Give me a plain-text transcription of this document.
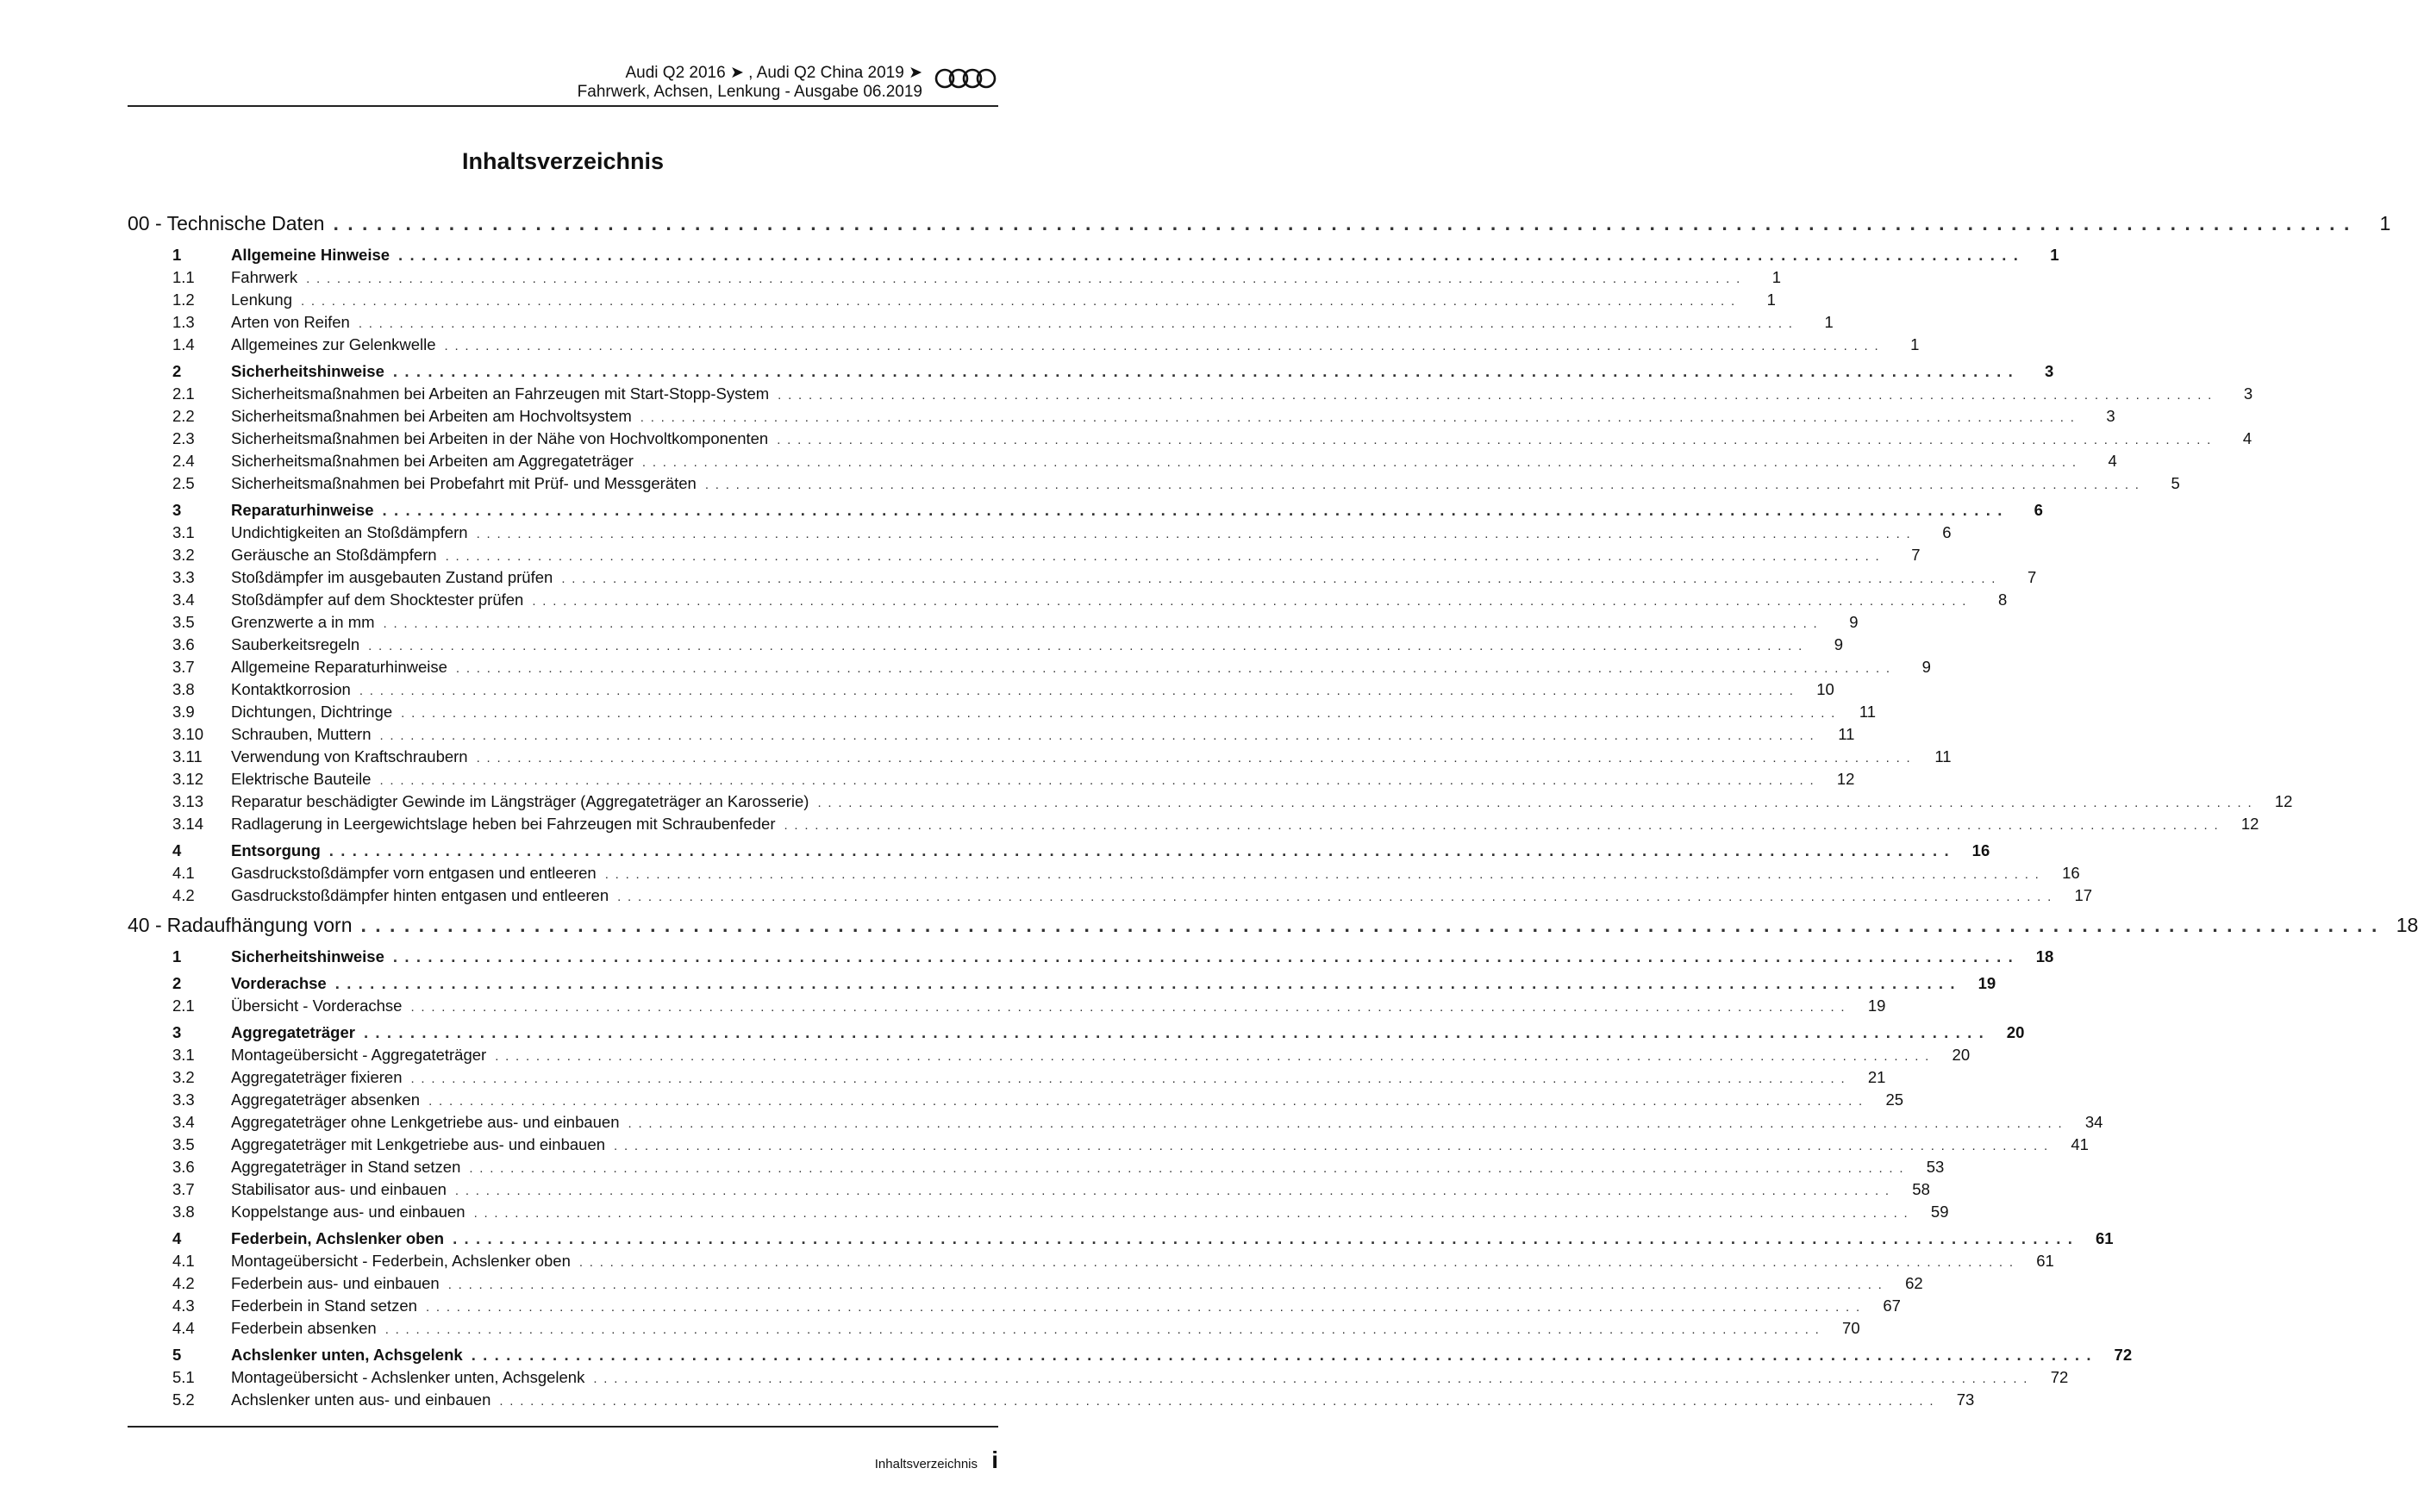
Audi Q2 2016 ➤ , Audi Q2 China 2019 ➤
Fahrwerk, Achsen, Lenkung - Ausgabe 06.2019
Inhaltsverzeichnis
00 - Technische Daten . . . . . . . . . . . . . . . . . . . . . . . . . . . . . . . . . . . . . . . . . . . . . . . . . . . . . . . . . . . . . . . . . . . . . . . . . . . . . . . . . . . . . . . . . . . . . . . . . . . . . . . . . . . . . . . . . . . . . . . . . . . . . . . . . . . . . . . . . . . .	1
1	Allgemeine Hinweise . . . . . . . . . . . . . . . . . . . . . . . . . . . . . . . . . . . . . . . . . . . . . . . . . . . . . . . . . . . . . . . . . . . . . . . . . . . . . . . . . . . . . . . . . . . . . . . . . . . . . . . . . . . . . . . . . . . . . . . . . . . . . . . . . . . . . . . . . . . .	1
1.1	Fahrwerk . . . . . . . . . . . . . . . . . . . . . . . . . . . . . . . . . . . . . . . . . . . . . . . . . . . . . . . . . . . . . . . . . . . . . . . . . . . . . . . . . . . . . . . . . . . . . . . . . . . . . . . . . . . . . . . . . . . . . . . . . . . . . . . . . . . . . . . . . . . .	1
1.2	Lenkung . . . . . . . . . . . . . . . . . . . . . . . . . . . . . . . . . . . . . . . . . . . . . . . . . . . . . . . . . . . . . . . . . . . . . . . . . . . . . . . . . . . . . . . . . . . . . . . . . . . . . . . . . . . . . . . . . . . . . . . . . . . . . . . . . . . . . . . . . . . .	1
1.3	Arten von Reifen . . . . . . . . . . . . . . . . . . . . . . . . . . . . . . . . . . . . . . . . . . . . . . . . . . . . . . . . . . . . . . . . . . . . . . . . . . . . . . . . . . . . . . . . . . . . . . . . . . . . . . . . . . . . . . . . . . . . . . . . . . . . . . . . . . . . . . . . . . . .	1
1.4	Allgemeines zur Gelenkwelle . . . . . . . . . . . . . . . . . . . . . . . . . . . . . . . . . . . . . . . . . . . . . . . . . . . . . . . . . . . . . . . . . . . . . . . . . . . . . . . . . . . . . . . . . . . . . . . . . . . . . . . . . . . . . . . . . . . . . . . . . . . . . . . . . . . . . . . . . . . .	1
2	Sicherheitshinweise . . . . . . . . . . . . . . . . . . . . . . . . . . . . . . . . . . . . . . . . . . . . . . . . . . . . . . . . . . . . . . . . . . . . . . . . . . . . . . . . . . . . . . . . . . . . . . . . . . . . . . . . . . . . . . . . . . . . . . . . . . . . . . . . . . . . . . . . . . . .	3
2.1	Sicherheitsmaßnahmen bei Arbeiten an Fahrzeugen mit Start-Stopp-System . . . . . . . . . . . . . . . . . . . . . . . . . . . . . . . . . . . . . . . . . . . . . . . . . . . . . . . . . . . . . . . . . . . . . . . . . . . . . . . . . . . . . . . . . . . . . . . . . . . . . . . . . . . . . . . . . . . . . . . . . . . . . . . . . . . . . . . . . . . .	3
2.2	Sicherheitsmaßnahmen bei Arbeiten am Hochvoltsystem . . . . . . . . . . . . . . . . . . . . . . . . . . . . . . . . . . . . . . . . . . . . . . . . . . . . . . . . . . . . . . . . . . . . . . . . . . . . . . . . . . . . . . . . . . . . . . . . . . . . . . . . . . . . . . . . . . . . . . . . . . . . . . . . . . . . . . . . . . . .	3
2.3	Sicherheitsmaßnahmen bei Arbeiten in der Nähe von Hochvoltkomponenten . . . . . . . . . . . . . . . . . . . . . . . . . . . . . . . . . . . . . . . . . . . . . . . . . . . . . . . . . . . . . . . . . . . . . . . . . . . . . . . . . . . . . . . . . . . . . . . . . . . . . . . . . . . . . . . . . . . . . . . . . . . . . . . . . . . . . . . . . . . .	4
2.4	Sicherheitsmaßnahmen bei Arbeiten am Aggregateträger . . . . . . . . . . . . . . . . . . . . . . . . . . . . . . . . . . . . . . . . . . . . . . . . . . . . . . . . . . . . . . . . . . . . . . . . . . . . . . . . . . . . . . . . . . . . . . . . . . . . . . . . . . . . . . . . . . . . . . . . . . . . . . . . . . . . . . . . . . . .	4
2.5	Sicherheitsmaßnahmen bei Probefahrt mit Prüf- und Messgeräten . . . . . . . . . . . . . . . . . . . . . . . . . . . . . . . . . . . . . . . . . . . . . . . . . . . . . . . . . . . . . . . . . . . . . . . . . . . . . . . . . . . . . . . . . . . . . . . . . . . . . . . . . . . . . . . . . . . . . . . . . . . . . . . . . . . . . . . . . . . .	5
3	Reparaturhinweise . . . . . . . . . . . . . . . . . . . . . . . . . . . . . . . . . . . . . . . . . . . . . . . . . . . . . . . . . . . . . . . . . . . . . . . . . . . . . . . . . . . . . . . . . . . . . . . . . . . . . . . . . . . . . . . . . . . . . . . . . . . . . . . . . . . . . . . . . . . .	6
3.1	Undichtigkeiten an Stoßdämpfern . . . . . . . . . . . . . . . . . . . . . . . . . . . . . . . . . . . . . . . . . . . . . . . . . . . . . . . . . . . . . . . . . . . . . . . . . . . . . . . . . . . . . . . . . . . . . . . . . . . . . . . . . . . . . . . . . . . . . . . . . . . . . . . . . . . . . . . . . . . .	6
3.2	Geräusche an Stoßdämpfern . . . . . . . . . . . . . . . . . . . . . . . . . . . . . . . . . . . . . . . . . . . . . . . . . . . . . . . . . . . . . . . . . . . . . . . . . . . . . . . . . . . . . . . . . . . . . . . . . . . . . . . . . . . . . . . . . . . . . . . . . . . . . . . . . . . . . . . . . . . .	7
3.3	Stoßdämpfer im ausgebauten Zustand prüfen . . . . . . . . . . . . . . . . . . . . . . . . . . . . . . . . . . . . . . . . . . . . . . . . . . . . . . . . . . . . . . . . . . . . . . . . . . . . . . . . . . . . . . . . . . . . . . . . . . . . . . . . . . . . . . . . . . . . . . . . . . . . . . . . . . . . . . . . . . . .	7
3.4	Stoßdämpfer auf dem Shocktester prüfen . . . . . . . . . . . . . . . . . . . . . . . . . . . . . . . . . . . . . . . . . . . . . . . . . . . . . . . . . . . . . . . . . . . . . . . . . . . . . . . . . . . . . . . . . . . . . . . . . . . . . . . . . . . . . . . . . . . . . . . . . . . . . . . . . . . . . . . . . . . .	8
3.5	Grenzwerte a in mm . . . . . . . . . . . . . . . . . . . . . . . . . . . . . . . . . . . . . . . . . . . . . . . . . . . . . . . . . . . . . . . . . . . . . . . . . . . . . . . . . . . . . . . . . . . . . . . . . . . . . . . . . . . . . . . . . . . . . . . . . . . . . . . . . . . . . . . . . . . .	9
3.6	Sauberkeitsregeln . . . . . . . . . . . . . . . . . . . . . . . . . . . . . . . . . . . . . . . . . . . . . . . . . . . . . . . . . . . . . . . . . . . . . . . . . . . . . . . . . . . . . . . . . . . . . . . . . . . . . . . . . . . . . . . . . . . . . . . . . . . . . . . . . . . . . . . . . . . .	9
3.7	Allgemeine Reparaturhinweise . . . . . . . . . . . . . . . . . . . . . . . . . . . . . . . . . . . . . . . . . . . . . . . . . . . . . . . . . . . . . . . . . . . . . . . . . . . . . . . . . . . . . . . . . . . . . . . . . . . . . . . . . . . . . . . . . . . . . . . . . . . . . . . . . . . . . . . . . . . .	9
3.8	Kontaktkorrosion . . . . . . . . . . . . . . . . . . . . . . . . . . . . . . . . . . . . . . . . . . . . . . . . . . . . . . . . . . . . . . . . . . . . . . . . . . . . . . . . . . . . . . . . . . . . . . . . . . . . . . . . . . . . . . . . . . . . . . . . . . . . . . . . . . . . . . . . . . . .	10
3.9	Dichtungen, Dichtringe . . . . . . . . . . . . . . . . . . . . . . . . . . . . . . . . . . . . . . . . . . . . . . . . . . . . . . . . . . . . . . . . . . . . . . . . . . . . . . . . . . . . . . . . . . . . . . . . . . . . . . . . . . . . . . . . . . . . . . . . . . . . . . . . . . . . . . . . . . . .	11
3.10	Schrauben, Muttern . . . . . . . . . . . . . . . . . . . . . . . . . . . . . . . . . . . . . . . . . . . . . . . . . . . . . . . . . . . . . . . . . . . . . . . . . . . . . . . . . . . . . . . . . . . . . . . . . . . . . . . . . . . . . . . . . . . . . . . . . . . . . . . . . . . . . . . . . . . .	11
3.11	Verwendung von Kraftschraubern . . . . . . . . . . . . . . . . . . . . . . . . . . . . . . . . . . . . . . . . . . . . . . . . . . . . . . . . . . . . . . . . . . . . . . . . . . . . . . . . . . . . . . . . . . . . . . . . . . . . . . . . . . . . . . . . . . . . . . . . . . . . . . . . . . . . . . . . . . . .	11
3.12	Elektrische Bauteile . . . . . . . . . . . . . . . . . . . . . . . . . . . . . . . . . . . . . . . . . . . . . . . . . . . . . . . . . . . . . . . . . . . . . . . . . . . . . . . . . . . . . . . . . . . . . . . . . . . . . . . . . . . . . . . . . . . . . . . . . . . . . . . . . . . . . . . . . . . .	12
3.13	Reparatur beschädigter Gewinde im Längsträger (Aggregateträger an Karosserie) . . . . . . . . . . . . . . . . . . . . . . . . . . . . . . . . . . . . . . . . . . . . . . . . . . . . . . . . . . . . . . . . . . . . . . . . . . . . . . . . . . . . . . . . . . . . . . . . . . . . . . . . . . . . . . . . . . . . . . . . . . . . . . . . . . . . . . . . . . . .	12
3.14	Radlagerung in Leergewichtslage heben bei Fahrzeugen mit Schraubenfeder . . . . . . . . . . . . . . . . . . . . . . . . . . . . . . . . . . . . . . . . . . . . . . . . . . . . . . . . . . . . . . . . . . . . . . . . . . . . . . . . . . . . . . . . . . . . . . . . . . . . . . . . . . . . . . . . . . . . . . . . . . . . . . . . . . . . . . . . . . . .	12
4	Entsorgung . . . . . . . . . . . . . . . . . . . . . . . . . . . . . . . . . . . . . . . . . . . . . . . . . . . . . . . . . . . . . . . . . . . . . . . . . . . . . . . . . . . . . . . . . . . . . . . . . . . . . . . . . . . . . . . . . . . . . . . . . . . . . . . . . . . . . . . . . . . .	16
4.1	Gasdruckstoßdämpfer vorn entgasen und entleeren . . . . . . . . . . . . . . . . . . . . . . . . . . . . . . . . . . . . . . . . . . . . . . . . . . . . . . . . . . . . . . . . . . . . . . . . . . . . . . . . . . . . . . . . . . . . . . . . . . . . . . . . . . . . . . . . . . . . . . . . . . . . . . . . . . . . . . . . . . . .	16
4.2	Gasdruckstoßdämpfer hinten entgasen und entleeren . . . . . . . . . . . . . . . . . . . . . . . . . . . . . . . . . . . . . . . . . . . . . . . . . . . . . . . . . . . . . . . . . . . . . . . . . . . . . . . . . . . . . . . . . . . . . . . . . . . . . . . . . . . . . . . . . . . . . . . . . . . . . . . . . . . . . . . . . . . .	17
40 - Radaufhängung vorn . . . . . . . . . . . . . . . . . . . . . . . . . . . . . . . . . . . . . . . . . . . . . . . . . . . . . . . . . . . . . . . . . . . . . . . . . . . . . . . . . . . . . . . . . . . . . . . . . . . . . . . . . . . . . . . . . . . . . . . . . . . . . . . . . . . . . . . . . . . . 18
1	Sicherheitshinweise . . . . . . . . . . . . . . . . . . . . . . . . . . . . . . . . . . . . . . . . . . . . . . . . . . . . . . . . . . . . . . . . . . . . . . . . . . . . . . . . . . . . . . . . . . . . . . . . . . . . . . . . . . . . . . . . . . . . . . . . . . . . . . . . . . . . . . . . . . . .	18
2	Vorderachse . . . . . . . . . . . . . . . . . . . . . . . . . . . . . . . . . . . . . . . . . . . . . . . . . . . . . . . . . . . . . . . . . . . . . . . . . . . . . . . . . . . . . . . . . . . . . . . . . . . . . . . . . . . . . . . . . . . . . . . . . . . . . . . . . . . . . . . . . . . .	19
2.1	Übersicht - Vorderachse . . . . . . . . . . . . . . . . . . . . . . . . . . . . . . . . . . . . . . . . . . . . . . . . . . . . . . . . . . . . . . . . . . . . . . . . . . . . . . . . . . . . . . . . . . . . . . . . . . . . . . . . . . . . . . . . . . . . . . . . . . . . . . . . . . . . . . . . . . . .	19
3	Aggregateträger . . . . . . . . . . . . . . . . . . . . . . . . . . . . . . . . . . . . . . . . . . . . . . . . . . . . . . . . . . . . . . . . . . . . . . . . . . . . . . . . . . . . . . . . . . . . . . . . . . . . . . . . . . . . . . . . . . . . . . . . . . . . . . . . . . . . . . . . . . . .	20
3.1	Montageübersicht - Aggregateträger . . . . . . . . . . . . . . . . . . . . . . . . . . . . . . . . . . . . . . . . . . . . . . . . . . . . . . . . . . . . . . . . . . . . . . . . . . . . . . . . . . . . . . . . . . . . . . . . . . . . . . . . . . . . . . . . . . . . . . . . . . . . . . . . . . . . . . . . . . . .	20
3.2	Aggregateträger fixieren . . . . . . . . . . . . . . . . . . . . . . . . . . . . . . . . . . . . . . . . . . . . . . . . . . . . . . . . . . . . . . . . . . . . . . . . . . . . . . . . . . . . . . . . . . . . . . . . . . . . . . . . . . . . . . . . . . . . . . . . . . . . . . . . . . . . . . . . . . . .	21
3.3	Aggregateträger absenken . . . . . . . . . . . . . . . . . . . . . . . . . . . . . . . . . . . . . . . . . . . . . . . . . . . . . . . . . . . . . . . . . . . . . . . . . . . . . . . . . . . . . . . . . . . . . . . . . . . . . . . . . . . . . . . . . . . . . . . . . . . . . . . . . . . . . . . . . . . .	25
3.4	Aggregateträger ohne Lenkgetriebe aus- und einbauen . . . . . . . . . . . . . . . . . . . . . . . . . . . . . . . . . . . . . . . . . . . . . . . . . . . . . . . . . . . . . . . . . . . . . . . . . . . . . . . . . . . . . . . . . . . . . . . . . . . . . . . . . . . . . . . . . . . . . . . . . . . . . . . . . . . . . . . . . . . .	34
3.5	Aggregateträger mit Lenkgetriebe aus- und einbauen . . . . . . . . . . . . . . . . . . . . . . . . . . . . . . . . . . . . . . . . . . . . . . . . . . . . . . . . . . . . . . . . . . . . . . . . . . . . . . . . . . . . . . . . . . . . . . . . . . . . . . . . . . . . . . . . . . . . . . . . . . . . . . . . . . . . . . . . . . . .	41
3.6	Aggregateträger in Stand setzen . . . . . . . . . . . . . . . . . . . . . . . . . . . . . . . . . . . . . . . . . . . . . . . . . . . . . . . . . . . . . . . . . . . . . . . . . . . . . . . . . . . . . . . . . . . . . . . . . . . . . . . . . . . . . . . . . . . . . . . . . . . . . . . . . . . . . . . . . . . .	53
3.7	Stabilisator aus- und einbauen . . . . . . . . . . . . . . . . . . . . . . . . . . . . . . . . . . . . . . . . . . . . . . . . . . . . . . . . . . . . . . . . . . . . . . . . . . . . . . . . . . . . . . . . . . . . . . . . . . . . . . . . . . . . . . . . . . . . . . . . . . . . . . . . . . . . . . . . . . . .	58
3.8	Koppelstange aus- und einbauen . . . . . . . . . . . . . . . . . . . . . . . . . . . . . . . . . . . . . . . . . . . . . . . . . . . . . . . . . . . . . . . . . . . . . . . . . . . . . . . . . . . . . . . . . . . . . . . . . . . . . . . . . . . . . . . . . . . . . . . . . . . . . . . . . . . . . . . . . . . .	59
4	Federbein, Achslenker oben . . . . . . . . . . . . . . . . . . . . . . . . . . . . . . . . . . . . . . . . . . . . . . . . . . . . . . . . . . . . . . . . . . . . . . . . . . . . . . . . . . . . . . . . . . . . . . . . . . . . . . . . . . . . . . . . . . . . . . . . . . . . . . . . . . . . . . . . . . . .	61
4.1	Montageübersicht - Federbein, Achslenker oben . . . . . . . . . . . . . . . . . . . . . . . . . . . . . . . . . . . . . . . . . . . . . . . . . . . . . . . . . . . . . . . . . . . . . . . . . . . . . . . . . . . . . . . . . . . . . . . . . . . . . . . . . . . . . . . . . . . . . . . . . . . . . . . . . . . . . . . . . . . .	61
4.2	Federbein aus- und einbauen . . . . . . . . . . . . . . . . . . . . . . . . . . . . . . . . . . . . . . . . . . . . . . . . . . . . . . . . . . . . . . . . . . . . . . . . . . . . . . . . . . . . . . . . . . . . . . . . . . . . . . . . . . . . . . . . . . . . . . . . . . . . . . . . . . . . . . . . . . . .	62
4.3	Federbein in Stand setzen . . . . . . . . . . . . . . . . . . . . . . . . . . . . . . . . . . . . . . . . . . . . . . . . . . . . . . . . . . . . . . . . . . . . . . . . . . . . . . . . . . . . . . . . . . . . . . . . . . . . . . . . . . . . . . . . . . . . . . . . . . . . . . . . . . . . . . . . . . . .	67
4.4	Federbein absenken . . . . . . . . . . . . . . . . . . . . . . . . . . . . . . . . . . . . . . . . . . . . . . . . . . . . . . . . . . . . . . . . . . . . . . . . . . . . . . . . . . . . . . . . . . . . . . . . . . . . . . . . . . . . . . . . . . . . . . . . . . . . . . . . . . . . . . . . . . . .	70
5	Achslenker unten, Achsgelenk . . . . . . . . . . . . . . . . . . . . . . . . . . . . . . . . . . . . . . . . . . . . . . . . . . . . . . . . . . . . . . . . . . . . . . . . . . . . . . . . . . . . . . . . . . . . . . . . . . . . . . . . . . . . . . . . . . . . . . . . . . . . . . . . . . . . . . . . . . . .	72
5.1	Montageübersicht - Achslenker unten, Achsgelenk . . . . . . . . . . . . . . . . . . . . . . . . . . . . . . . . . . . . . . . . . . . . . . . . . . . . . . . . . . . . . . . . . . . . . . . . . . . . . . . . . . . . . . . . . . . . . . . . . . . . . . . . . . . . . . . . . . . . . . . . . . . . . . . . . . . . . . . . . . . .	72
5.2	Achslenker unten aus- und einbauen . . . . . . . . . . . . . . . . . . . . . . . . . . . . . . . . . . . . . . . . . . . . . . . . . . . . . . . . . . . . . . . . . . . . . . . . . . . . . . . . . . . . . . . . . . . . . . . . . . . . . . . . . . . . . . . . . . . . . . . . . . . . . . . . . . . . . . . . . . . .	73
Inhaltsverzeichnis i
